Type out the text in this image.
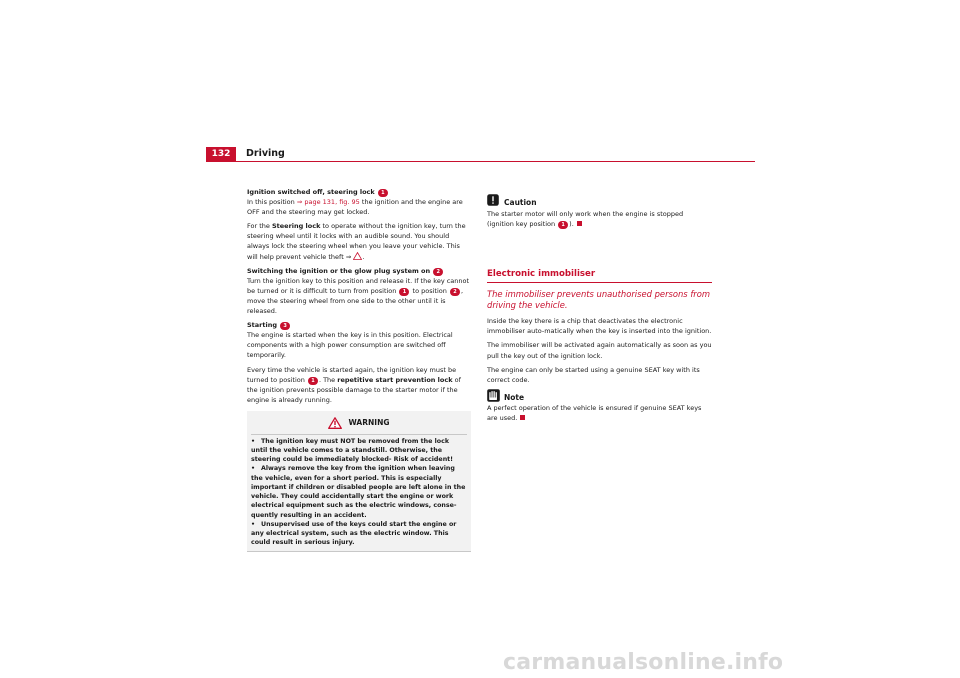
132	Driving

Ignition switched off, steering lock 1

In this position ⇒ page 131, fig. 95 the ignition and the engine are OFF and the steering may get locked.

For the Steering lock to operate without the ignition key, turn the steering wheel until it locks with an audible sound. You should always lock the steering wheel when you leave your vehicle. This will help prevent vehicle theft ⇒ .

Switching the ignition or the glow plug system on 2

Turn the ignition key to this position and release it. If the key cannot be turned or it is difficult to turn from position 1 to position 2 , move the steering wheel from one side to the other until it is released.

Starting 3

The engine is started when the key is in this position. Electrical components with a high power consumption are switched off temporarily.

Every time the vehicle is started again, the ignition key must be turned to position 1 . The repetitive start prevention lock of the ignition prevents possible damage to the starter motor if the engine is already running.

WARNING
• The ignition key must NOT be removed from the lock until the vehicle comes to a standstill. Otherwise, the steering could be immediately blocked- Risk of accident!
• Always remove the key from the ignition when leaving the vehicle, even for a short period. This is especially important if children or disabled people are left alone in the vehicle. They could accidentally start the engine or work electrical equipment such as the electric windows, conse-quently resulting in an accident.
• Unsupervised use of the keys could start the engine or any electrical system, such as the electric window. This could result in serious injury.
Caution

The starter motor will only work when the engine is stopped (ignition key position 1 ).

Electronic immobiliser
The immobiliser prevents unauthorised persons from driving the vehicle.

Inside the key there is a chip that deactivates the electronic immobiliser auto-matically when the key is inserted into the ignition.

The immobiliser will be activated again automatically as soon as you pull the key out of the ignition lock.

The engine can only be started using a genuine SEAT key with its correct code.

Note

A perfect operation of the vehicle is ensured if genuine SEAT keys are used.

carmanualsonline.info
